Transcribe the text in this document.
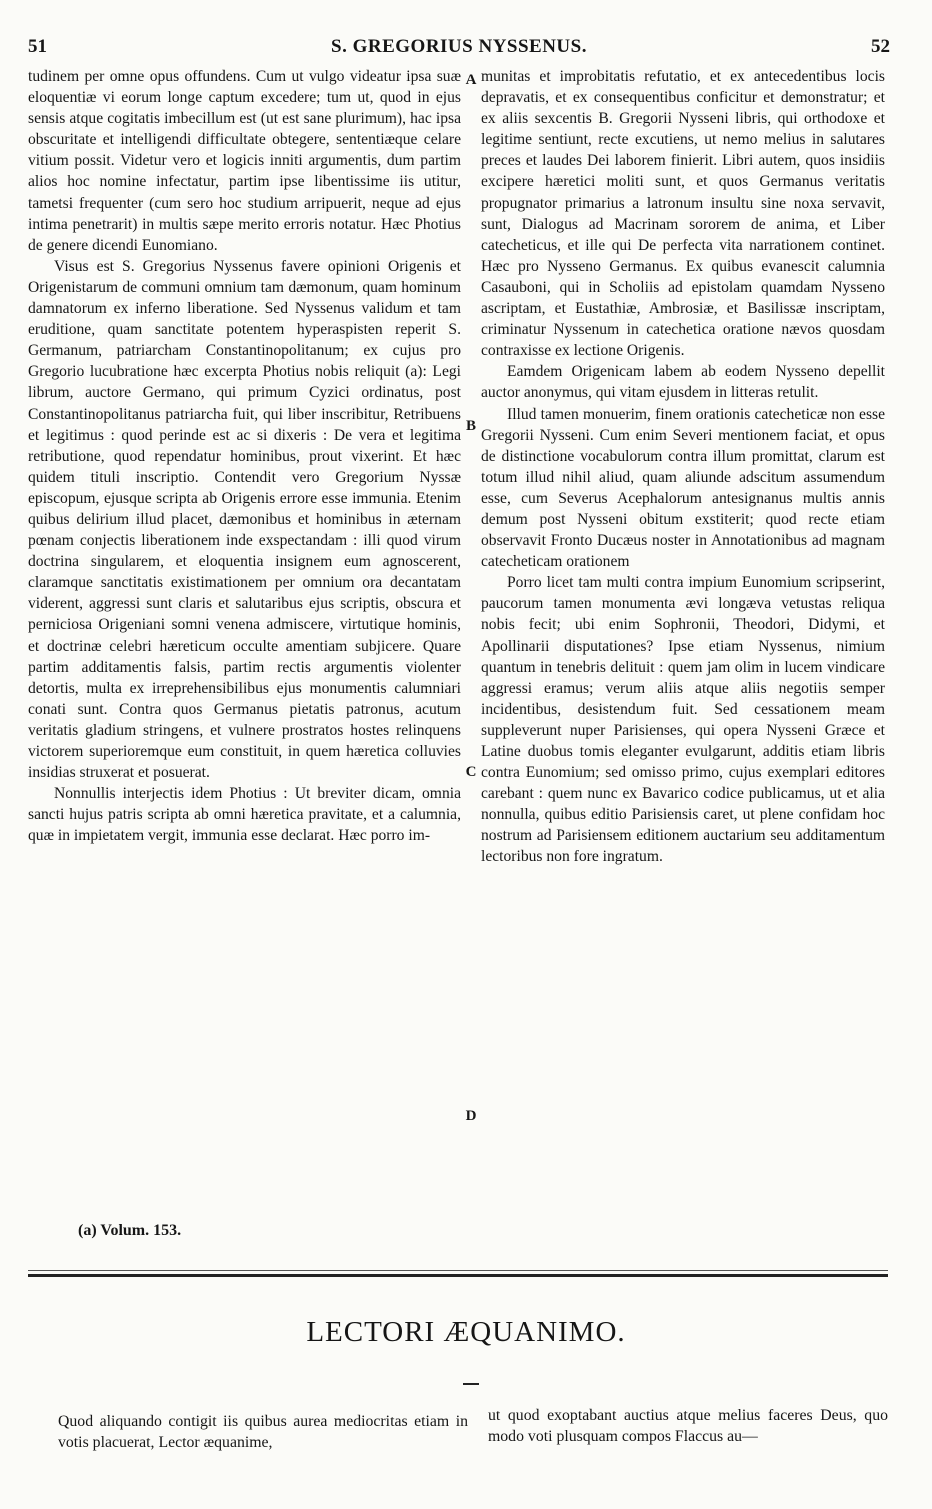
51	S. GREGORIUS NYSSENUS.	52

tudinem per omne opus offundens. Cum ut vulgo videatur ipsa suæ eloquentiæ vi eorum longe captum excedere; tum ut, quod in ejus sensis atque cogitatis imbecillum est (ut est sane plurimum), hac ipsa obscuritate et intelligendi difficultate obtegere, sententiæque celare vitium possit. Videtur vero et logicis inniti argumentis, dum partim alios hoc nomine infectatur, partim ipse libentissime iis utitur, tametsi frequenter (cum sero hoc studium arripuerit, neque ad ejus intima penetrarit) in multis sæpe merito erroris notatur. Hæc Photius de genere dicendi Eunomiano.

Visus est S. Gregorius Nyssenus favere opinioni Origenis et Origenistarum de communi omnium tam dæmonum, quam hominum damnatorum ex inferno liberatione. Sed Nyssenus validum et tam eruditione, quam sanctitate potentem hyperaspisten reperit S. Germanum, patriarcham Constantinopolitanum; ex cujus pro Gregorio lucubratione hæc excerpta Photius nobis reliquit (a): Legi librum, auctore Germano, qui primum Cyzici ordinatus, post Constantinopolitanus patriarcha fuit, qui liber inscribitur, Retribuens et legitimus : quod perinde est ac si dixeris : De vera et legitima retributione, quod rependatur hominibus, prout vixerint. Et hæc quidem tituli inscriptio. Contendit vero Gregorium Nyssæ episcopum, ejusque scripta ab Origenis errore esse immunia. Etenim quibus delirium illud placet, dæmonibus et hominibus in æternam pœnam conjectis liberationem inde exspectandam : illi quod virum doctrina singularem, et eloquentia insignem eum agnoscerent, claramque sanctitatis existimationem per omnium ora decantatam viderent, aggressi sunt claris et salutaribus ejus scriptis, obscura et perniciosa Origeniani somni venena admiscere, virtutique hominis, et doctrinæ celebri hæreticum occulte amentiam subjicere. Quare partim additamentis falsis, partim rectis argumentis violenter detortis, multa ex irreprehensibilibus ejus monumentis calumniari conati sunt. Contra quos Germanus pietatis patronus, acutum veritatis gladium stringens, et vulnere prostratos hostes relinquens victorem superioremque eum constituit, in quem hæretica colluvies insidias struxerat et posuerat.

Nonnullis interjectis idem Photius : Ut breviter dicam, omnia sancti hujus patris scripta ab omni hæretica pravitate, et a calumnia, quæ in impietatem vergit, immunia esse declarat. Hæc porro im-

munitas et improbitatis refutatio, et ex antecedentibus locis depravatis, et ex consequentibus conficitur et demonstratur; et ex aliis sexcentis B. Gregorii Nysseni libris, qui orthodoxe et legitime sentiunt, recte excutiens, ut nemo melius in salutares preces et laudes Dei laborem finierit. Libri autem, quos insidiis excipere hæretici moliti sunt, et quos Germanus veritatis propugnator primarius a latronum insultu sine noxa servavit, sunt, Dialogus ad Macrinam sororem de anima, et Liber catecheticus, et ille qui De perfecta vita narrationem continet. Hæc pro Nysseno Germanus. Ex quibus evanescit calumnia Casauboni, qui in Scholiis ad epistolam quamdam Nysseno ascriptam, et Eustathiæ, Ambrosiæ, et Basilissæ inscriptam, criminatur Nyssenum in catechetica oratione nævos quosdam contraxisse ex lectione Origenis.

Eamdem Origenicam labem ab eodem Nysseno depellit auctor anonymus, qui vitam ejusdem in litteras retulit.

Illud tamen monuerim, finem orationis catecheticæ non esse Gregorii Nysseni. Cum enim Severi mentionem faciat, et opus de distinctione vocabulorum contra illum promittat, clarum est totum illud nihil aliud, quam aliunde adscitum assumendum esse, cum Severus Acephalorum antesignanus multis annis demum post Nysseni obitum exstiterit; quod recte etiam observavit Fronto Ducæus noster in Annotationibus ad magnam catecheticam orationem

Porro licet tam multi contra impium Eunomium scripserint, paucorum tamen monumenta ævi longæva vetustas reliqua nobis fecit; ubi enim Sophronii, Theodori, Didymi, et Apollinarii disputationes? Ipse etiam Nyssenus, nimium quantum in tenebris delituit : quem jam olim in lucem vindicare aggressi eramus; verum aliis atque aliis negotiis semper incidentibus, desistendum fuit. Sed cessationem meam suppleverunt nuper Parisienses, qui opera Nysseni Græce et Latine duobus tomis eleganter evulgarunt, additis etiam libris contra Eunomium; sed omisso primo, cujus exemplari editores carebant : quem nunc ex Bavarico codice publicamus, ut et alia nonnulla, quibus editio Parisiensis caret, ut plene confidam hoc nostrum ad Parisiensem editionem auctarium seu additamentum lectoribus non fore ingratum.

A
B
C
D
(a) Volum. 153.
LECTORI ÆQUANIMO.

Quod aliquando contigit iis quibus aurea mediocritas etiam in votis placuerat, Lector æquanime,

ut quod exoptabant auctius atque melius faceres Deus, quo modo voti plusquam compos Flaccus au—
